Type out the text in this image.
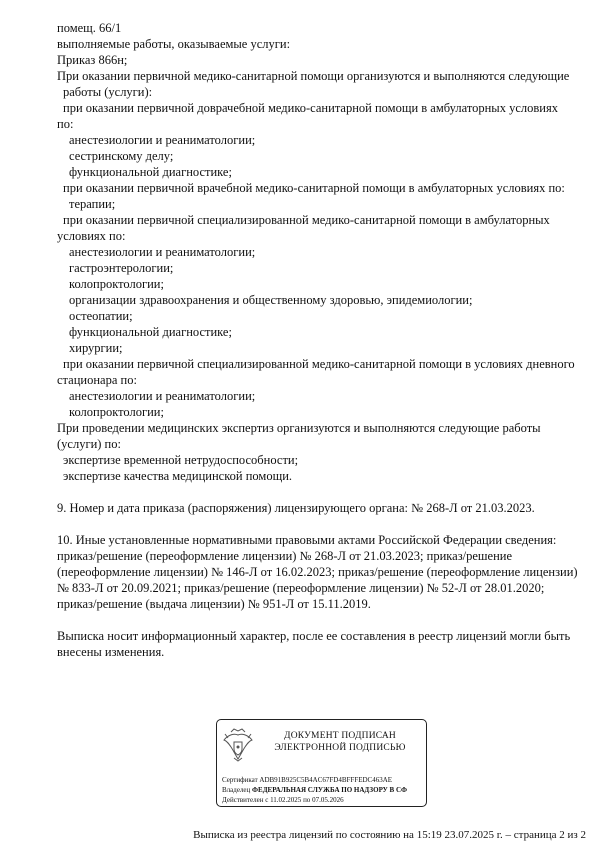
помещ. 66/1
выполняемые работы, оказываемые услуги:
Приказ 866н;
При оказании первичной медико-санитарной помощи организуются и выполняются следующие
работы (услуги):
при оказании первичной доврачебной медико-санитарной помощи в амбулаторных условиях
по:
анестезиологии и реаниматологии;
сестринскому делу;
функциональной диагностике;
при оказании первичной врачебной медико-санитарной помощи в амбулаторных условиях по:
терапии;
при оказании первичной специализированной медико-санитарной помощи в амбулаторных
условиях по:
анестезиологии и реаниматологии;
гастроэнтерологии;
колопроктологии;
организации здравоохранения и общественному здоровью, эпидемиологии;
остеопатии;
функциональной диагностике;
хирургии;
при оказании первичной специализированной медико-санитарной помощи в условиях дневного
стационара по:
анестезиологии и реаниматологии;
колопроктологии;
При проведении медицинских экспертиз организуются и выполняются следующие работы
(услуги) по:
экспертизе временной нетрудоспособности;
экспертизе качества медицинской помощи.
9. Номер и дата приказа (распоряжения) лицензирующего органа: № 268-Л от 21.03.2023.
10. Иные установленные нормативными правовыми актами Российской Федерации сведения:
приказ/решение (переоформление лицензии) № 268-Л от 21.03.2023; приказ/решение
(переоформление лицензии) № 146-Л от 16.02.2023; приказ/решение (переоформление лицензии)
№ 833-Л от 20.09.2021; приказ/решение (переоформление лицензии) № 52-Л от 28.01.2020;
приказ/решение (выдача лицензии) № 951-Л от 15.11.2019.
Выписка носит информационный характер, после ее составления в реестр лицензий могли быть
внесены изменения.
ДОКУМЕНТ ПОДПИСАН
ЭЛЕКТРОННОЙ ПОДПИСЬЮ
Сертификат ADB91B925C5B4AC67FD4BFFFEDC463AE
Владелец ФЕДЕРАЛЬНАЯ СЛУЖБА ПО НАДЗОРУ В СФ
Действителен с 11.02.2025 по 07.05.2026
Выписка из реестра лицензий по состоянию на 15:19 23.07.2025 г. – страница 2 из 2
